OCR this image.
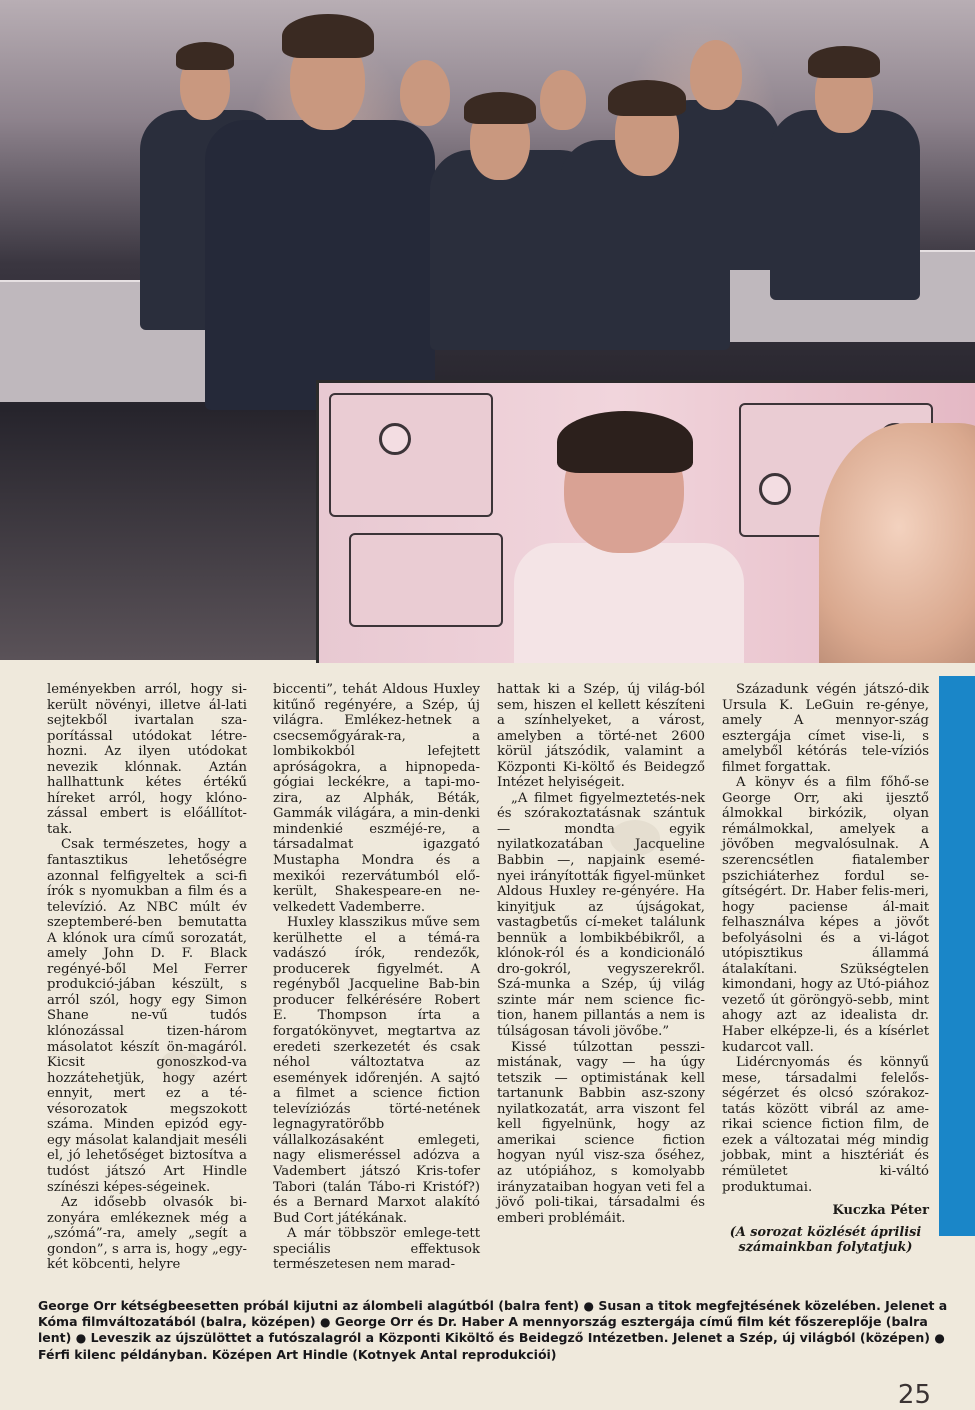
leményekben arról, hogy si-került növényi, illetve ál-lati sejtekből ivartalan sza-porítással utódokat létre-hozni. Az ilyen utódokat nevezik klónnak. Aztán hallhattunk kétes értékű híreket arról, hogy klóno-zással embert is előállítot-tak.

Csak természetes, hogy a fantasztikus lehetőségre azonnal felfigyeltek a sci-fi írók s nyomukban a film és a televízió. Az NBC múlt év szeptemberé-ben bemutatta A klónok ura című sorozatát, amely John D. F. Black regényé-ből Mel Ferrer produkció-jában készült, s arról szól, hogy egy Simon Shane ne-vű tudós klónozással tizen-három másolatot készít ön-magáról. Kicsit gonoszkod-va hozzátehetjük, hogy azért ennyit, mert ez a té-vésorozatok megszokott száma. Minden epizód egy-egy másolat kalandjait meséli el, jó lehetőséget biztosítva a tudóst játszó Art Hindle színészi képes-ségeinek.

Az idősebb olvasók bi-zonyára emlékeznek még a „szómá”-ra, amely „segít a gondon”, s arra is, hogy „egy-két köbcenti, helyre

biccenti”, tehát Aldous Huxley kitűnő regényére, a Szép, új világra. Emlékez-hetnek a csecsemőgyárak-ra, a lombikokból lefejtett apróságokra, a hipnopeda-gógiai leckékre, a tapi-mo-zira, az Alphák, Béták, Gammák világára, a min-denki mindenkié eszméjé-re, a társadalmat igazgató Mustapha Mondra és a mexikói rezervátumból elő-került, Shakespeare-en ne-velkedett Vademberre.

Huxley klasszikus műve sem kerülhette el a témá-ra vadászó írók, rendezők, producerek figyelmét. A regényből Jacqueline Bab-bin producer felkérésére Robert E. Thompson írta a forgatókönyvet, megtartva az eredeti szerkezetét és csak néhol változtatva az események időrenjén. A sajtó a filmet a science fiction televíziózás törté-netének legnagyratörőbb vállalkozásaként emlegeti, nagy elismeréssel adózva a Vadembert játszó Kris-tofer Tabori (talán Tábo-ri Kristóf?) és a Bernard Marxot alakító Bud Cort játékának.

A már többször emlege-tett speciális effektusok természetesen nem marad-

hattak ki a Szép, új világ-ból sem, hiszen el kellett készíteni a színhelyeket, a várost, amelyben a törté-net 2600 körül játszódik, valamint a Központi Ki-költő és Beidegző Intézet helyiségeit.

„A filmet figyelmeztetés-nek és szórakoztatásnak szántuk — mondta egyik nyilatkozatában Jacqueline Babbin —, napjaink esemé-nyei irányították figyel-münket Aldous Huxley re-gényére. Ha kinyitjuk az újságokat, vastagbetűs cí-meket találunk bennük a lombikbébikről, a klónok-ról és a kondicionáló dro-gokról, vegyszerekről. Szá-munka a Szép, új világ szinte már nem science fic-tion, hanem pillantás a nem is túlságosan távoli jövőbe.”

Kissé túlzottan pesszi-mistának, vagy — ha úgy tetszik — optimistának kell tartanunk Babbin asz-szony nyilatkozatát, arra viszont fel kell figyelnünk, hogy az amerikai science fiction hogyan nyúl visz-sza őséhez, az utópiához, s komolyabb irányzataiban hogyan veti fel a jövő poli-tikai, társadalmi és emberi problémáit.

Századunk végén játszó-dik Ursula K. LeGuin re-génye, amely A mennyor-szág esztergája címet vise-li, s amelyből kétórás tele-víziós filmet forgattak.

A könyv és a film főhő-se George Orr, aki ijesztő álmokkal birkózik, olyan rémálmokkal, amelyek a jövőben megvalósulnak. A szerencsétlen fiatalember pszichiáterhez fordul se-gítségért. Dr. Haber felis-meri, hogy paciense ál-mait felhasználva képes a jövőt befolyásolni és a vi-lágot utópisztikus állammá átalakítani. Szükségtelen kimondani, hogy az Utó-piához vezető út göröngyö-sebb, mint ahogy azt az idealista dr. Haber elképze-li, és a kísérlet kudarcot vall.

Lidércnyomás és könnyű mese, társadalmi felelős-ségérzet és olcsó szórakoz-tatás között vibrál az ame-rikai science fiction film, de ezek a változatai még mindig jobbak, mint a hisztériát és rémületet ki-váltó produktumai.

Kuczka Péter
(A sorozat közlését áprilisi számainkban folytatjuk)
George Orr kétségbeesetten próbál kijutni az álombeli alagútból (balra fent) ● Susan a titok megfejtésének közelében. Jelenet a Kóma filmváltozatából (balra, középen) ● George Orr és Dr. Haber A mennyország esztergája című film két főszereplője (balra lent) ● Leveszik az újszülöttet a futószalagról a Központi Kiköltő és Beidegző Intézetben. Jelenet a Szép, új világból (középen) ● Férfi kilenc példányban. Középen Art Hindle (Kotnyek Antal reprodukciói)
25
